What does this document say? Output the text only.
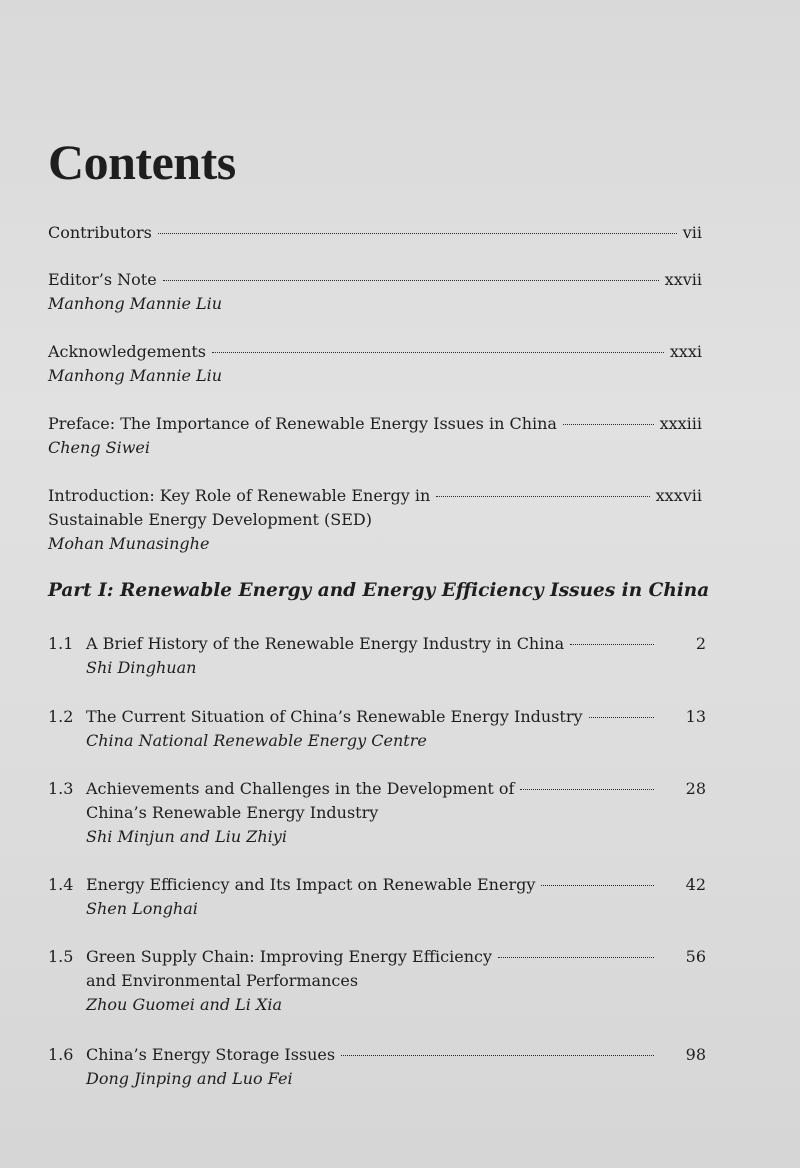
Contents
Contributors	vii
Editor’s Note	xxvii
Manhong Mannie Liu
Acknowledgements	xxxi
Manhong Mannie Liu
Preface: The Importance of Renewable Energy Issues in China	xxxiii
Cheng Siwei
Introduction: Key Role of Renewable Energy in	xxxvii
Sustainable Energy Development (SED)
Mohan Munasinghe
Part I: Renewable Energy and Energy Efficiency Issues in China
1.1 A Brief History of the Renewable Energy Industry in China	2
Shi Dinghuan
1.2 The Current Situation of China’s Renewable Energy Industry	13
China National Renewable Energy Centre
1.3 Achievements and Challenges in the Development of	28
China’s Renewable Energy Industry
Shi Minjun and Liu Zhiyi
1.4 Energy Efficiency and Its Impact on Renewable Energy	42
Shen Longhai
1.5 Green Supply Chain: Improving Energy Efficiency	56
and Environmental Performances
Zhou Guomei and Li Xia
1.6 China’s Energy Storage Issues	98
Dong Jinping and Luo Fei
